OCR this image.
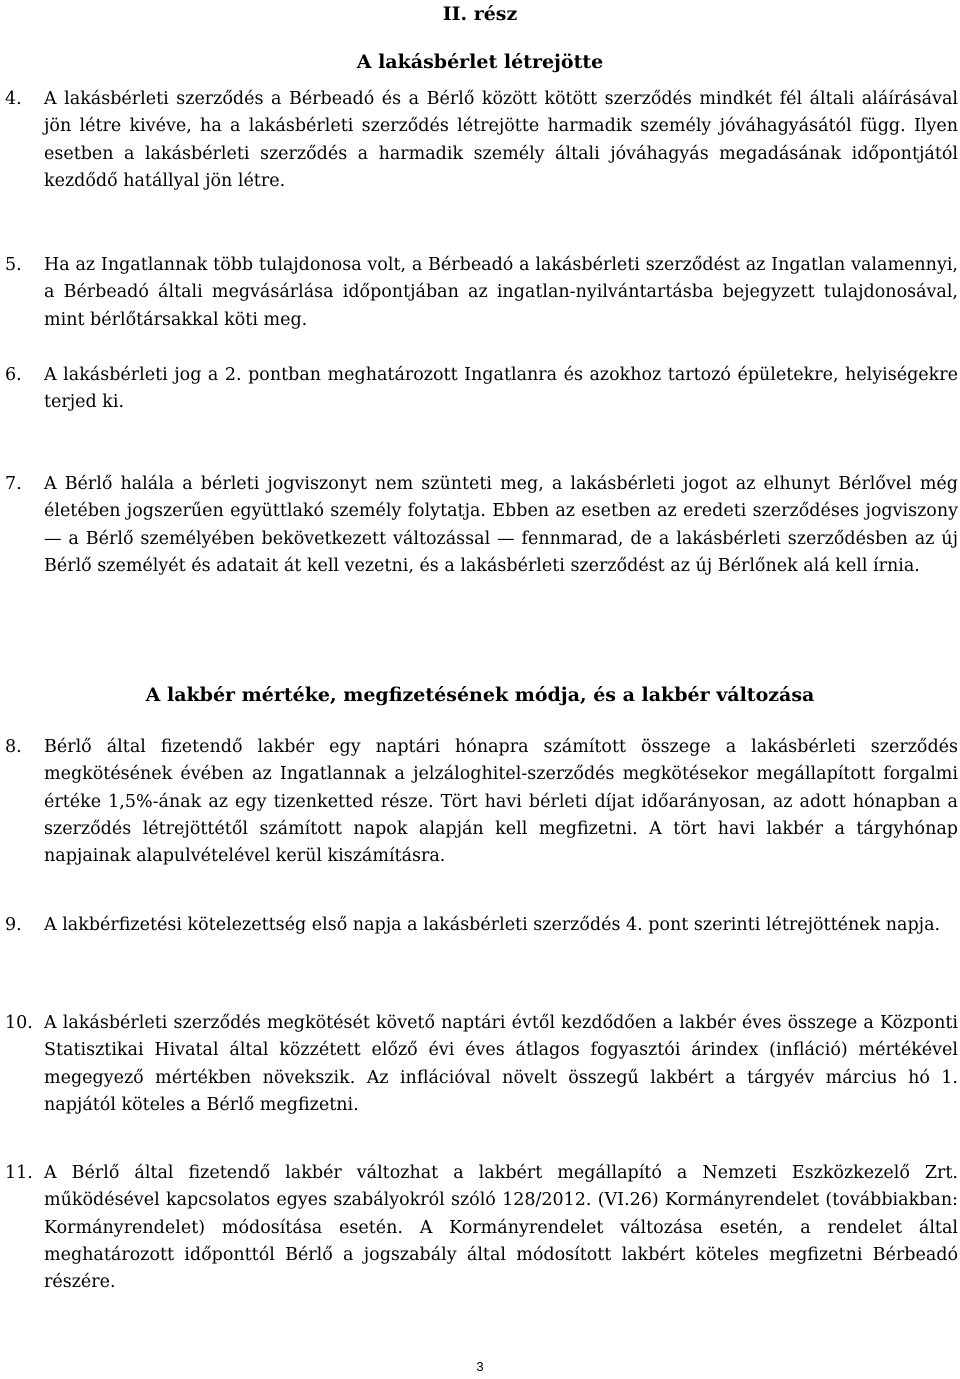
II. rész
A lakásbérlet létrejötte
4. A lakásbérleti szerződés a Bérbeadó és a Bérlő között kötött szerződés mindkét fél általi aláírásával jön létre kivéve, ha a lakásbérleti szerződés létrejötte harmadik személy jóváhagyásától függ. Ilyen esetben a lakásbérleti szerződés a harmadik személy általi jóváhagyás megadásának időpontjától kezdődő hatállyal jön létre.
5. Ha az Ingatlannak több tulajdonosa volt, a Bérbeadó a lakásbérleti szerződést az Ingatlan valamennyi, a Bérbeadó általi megvásárlása időpontjában az ingatlan-nyilvántartásba bejegyzett tulajdonosával, mint bérlőtársakkal köti meg.
6. A lakásbérleti jog a 2. pontban meghatározott Ingatlanra és azokhoz tartozó épületekre, helyiségekre terjed ki.
7. A Bérlő halála a bérleti jogviszonyt nem szünteti meg, a lakásbérleti jogot az elhunyt Bérlővel még életében jogszerűen együttlakó személy folytatja. Ebben az esetben az eredeti szerződéses jogviszony — a Bérlő személyében bekövetkezett változással — fennmarad, de a lakásbérleti szerződésben az új Bérlő személyét és adatait át kell vezetni, és a lakásbérleti szerződést az új Bérlőnek alá kell írnia.
A lakbér mértéke, megfizetésének módja, és a lakbér változása
8. Bérlő által fizetendő lakbér egy naptári hónapra számított összege a lakásbérleti szerződés megkötésének évében az Ingatlannak a jelzáloghitel-szerződés megkötésekor megállapított forgalmi értéke 1,5%-ának az egy tizenketted része. Tört havi bérleti díjat időarányosan, az adott hónapban a szerződés létrejöttétől számított napok alapján kell megfizetni. A tört havi lakbér a tárgyhónap napjainak alapulvételével kerül kiszámításra.
9. A lakbérfizetési kötelezettség első napja a lakásbérleti szerződés 4. pont szerinti létrejöttének napja.
10. A lakásbérleti szerződés megkötését követő naptári évtől kezdődően a lakbér éves összege a Központi Statisztikai Hivatal által közzétett előző évi éves átlagos fogyasztói árindex (infláció) mértékével megegyező mértékben növekszik. Az inflációval növelt összegű lakbért a tárgyév március hó 1. napjától köteles a Bérlő megfizetni.
11. A Bérlő által fizetendő lakbér változhat a lakbért megállapító a Nemzeti Eszközkezelő Zrt. működésével kapcsolatos egyes szabályokról szóló 128/2012. (VI.26) Kormányrendelet (továbbiakban: Kormányrendelet) módosítása esetén. A Kormányrendelet változása esetén, a rendelet által meghatározott időponttól Bérlő a jogszabály által módosított lakbért köteles megfizetni Bérbeadó részére.
3
